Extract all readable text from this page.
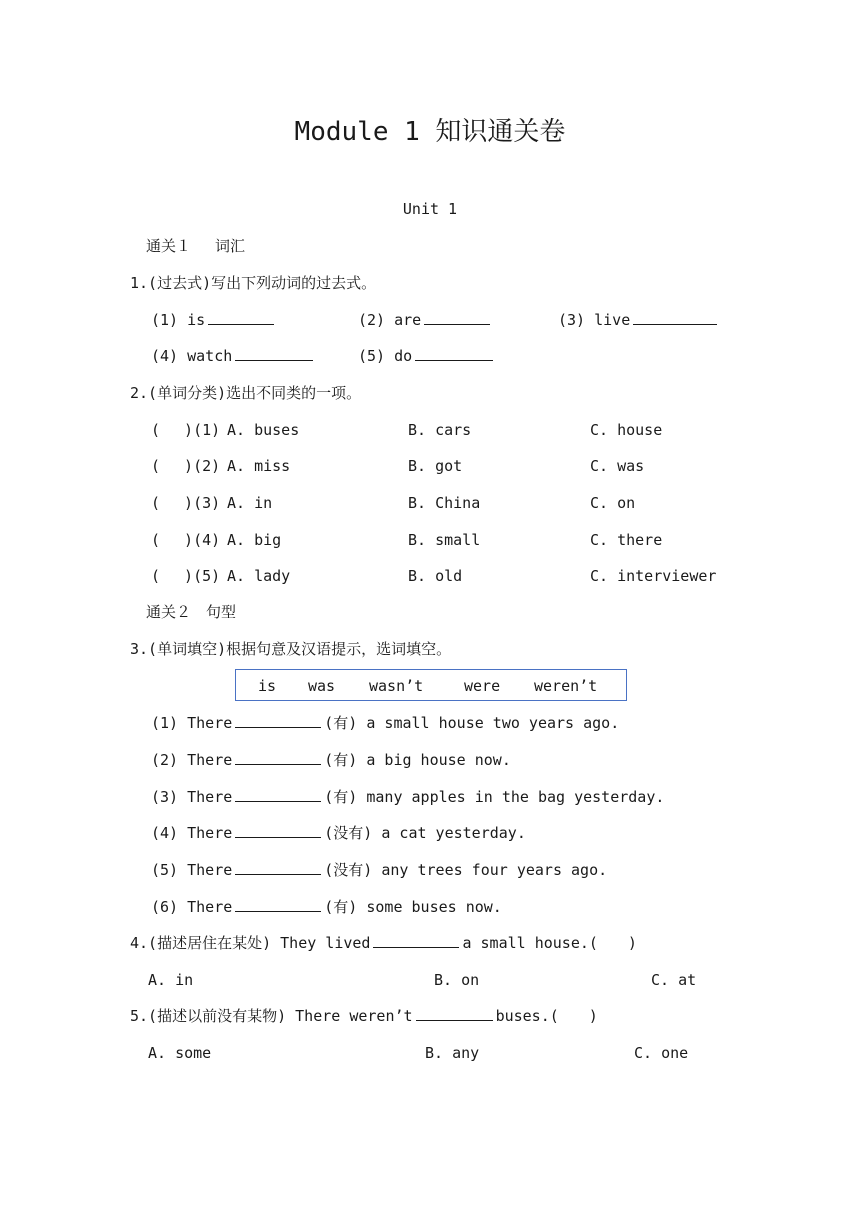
Module 1 知识通关卷
Unit 1
通关１　 词汇
1.(过去式)写出下列动词的过去式。
(1) is	(2) are	(3) live
(4) watch	(5) do
2.(单词分类)选出不同类的一项。
(　 )(1) A. buses	B. cars	C. house
(　 )(2) A. miss	B. got	C. was
(　 )(3) A. in	B. China	C. on
(　 )(4) A. big	B. small	C. there
(　 )(5) A. lady	B. old	C. interviewer
通关２　句型
3.(单词填空)根据句意及汉语提示，选词填空。
is was wasn’t	were weren’t
(1) There	(有) a small house two years ago.
(2) There	(有) a big house now.
(3) There	(有) many apples in the bag yesterday.
(4) There	(没有) a cat yesterday.
(5) There	(没有) any trees four years ago.
(6) There	(有) some buses now.
4.(描述居住在某处) They lived	a small house.(　　)
A. in	B. on	C. at
5.(描述以前没有某物) There weren’t	buses.(　　)
A. some	B. any	C. one
